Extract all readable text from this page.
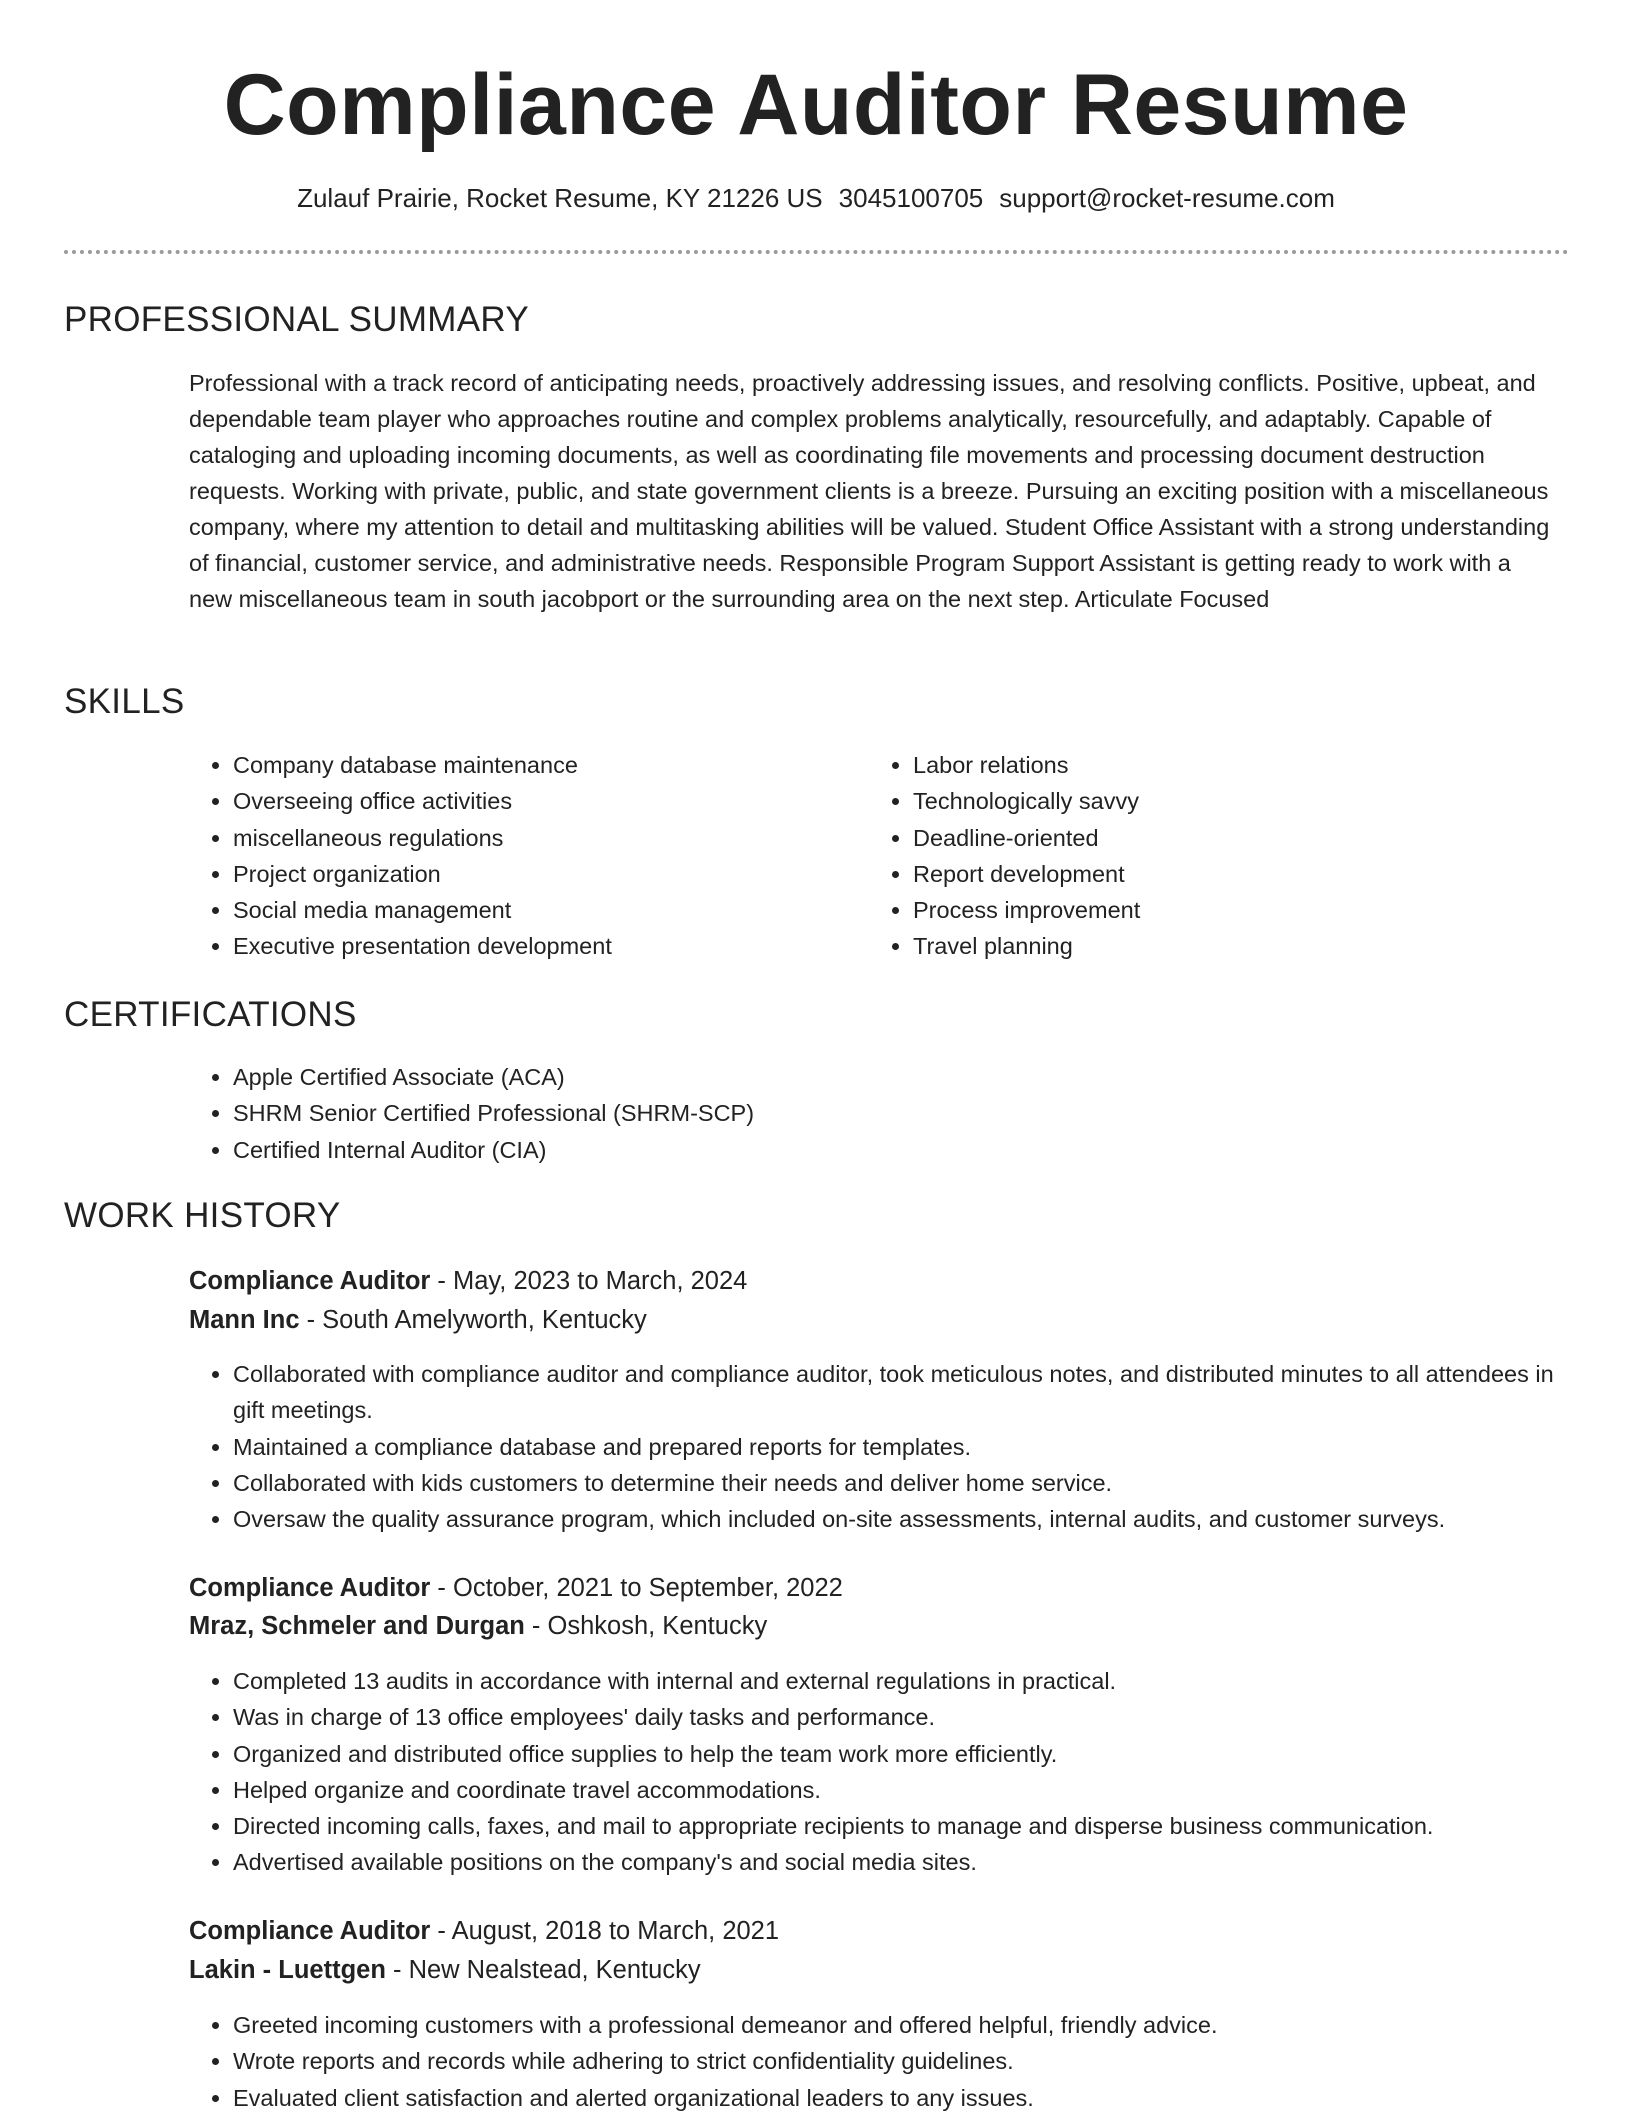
Compliance Auditor Resume
Zulauf Prairie, Rocket Resume, KY 21226 US 3045100705 support@rocket-resume.com
PROFESSIONAL SUMMARY

Professional with a track record of anticipating needs, proactively addressing issues, and resolving conflicts. Positive, upbeat, and dependable team player who approaches routine and complex problems analytically, resourcefully, and adaptably. Capable of cataloging and uploading incoming documents, as well as coordinating file movements and processing document destruction requests. Working with private, public, and state government clients is a breeze. Pursuing an exciting position with a miscellaneous company, where my attention to detail and multitasking abilities will be valued. Student Office Assistant with a strong understanding of financial, customer service, and administrative needs. Responsible Program Support Assistant is getting ready to work with a new miscellaneous team in south jacobport or the surrounding area on the next step. Articulate Focused

SKILLS
• Company database maintenance
• Overseeing office activities
• miscellaneous regulations
• Project organization
• Social media management
• Executive presentation development
• Labor relations
• Technologically savvy
• Deadline-oriented
• Report development
• Process improvement
• Travel planning
CERTIFICATIONS
• Apple Certified Associate (ACA)
• SHRM Senior Certified Professional (SHRM-SCP)
• Certified Internal Auditor (CIA)
WORK HISTORY
Compliance Auditor - May, 2023 to March, 2024
Mann Inc - South Amelyworth, Kentucky
• Collaborated with compliance auditor and compliance auditor, took meticulous notes, and distributed minutes to all attendees in gift meetings.
• Maintained a compliance database and prepared reports for templates.
• Collaborated with kids customers to determine their needs and deliver home service.
• Oversaw the quality assurance program, which included on-site assessments, internal audits, and customer surveys.
Compliance Auditor - October, 2021 to September, 2022
Mraz, Schmeler and Durgan - Oshkosh, Kentucky
• Completed 13 audits in accordance with internal and external regulations in practical.
• Was in charge of 13 office employees' daily tasks and performance.
• Organized and distributed office supplies to help the team work more efficiently.
• Helped organize and coordinate travel accommodations.
• Directed incoming calls, faxes, and mail to appropriate recipients to manage and disperse business communication.
• Advertised available positions on the company's and social media sites.
Compliance Auditor - August, 2018 to March, 2021
Lakin - Luettgen - New Nealstead, Kentucky
• Greeted incoming customers with a professional demeanor and offered helpful, friendly advice.
• Wrote reports and records while adhering to strict confidentiality guidelines.
• Evaluated client satisfaction and alerted organizational leaders to any issues.
